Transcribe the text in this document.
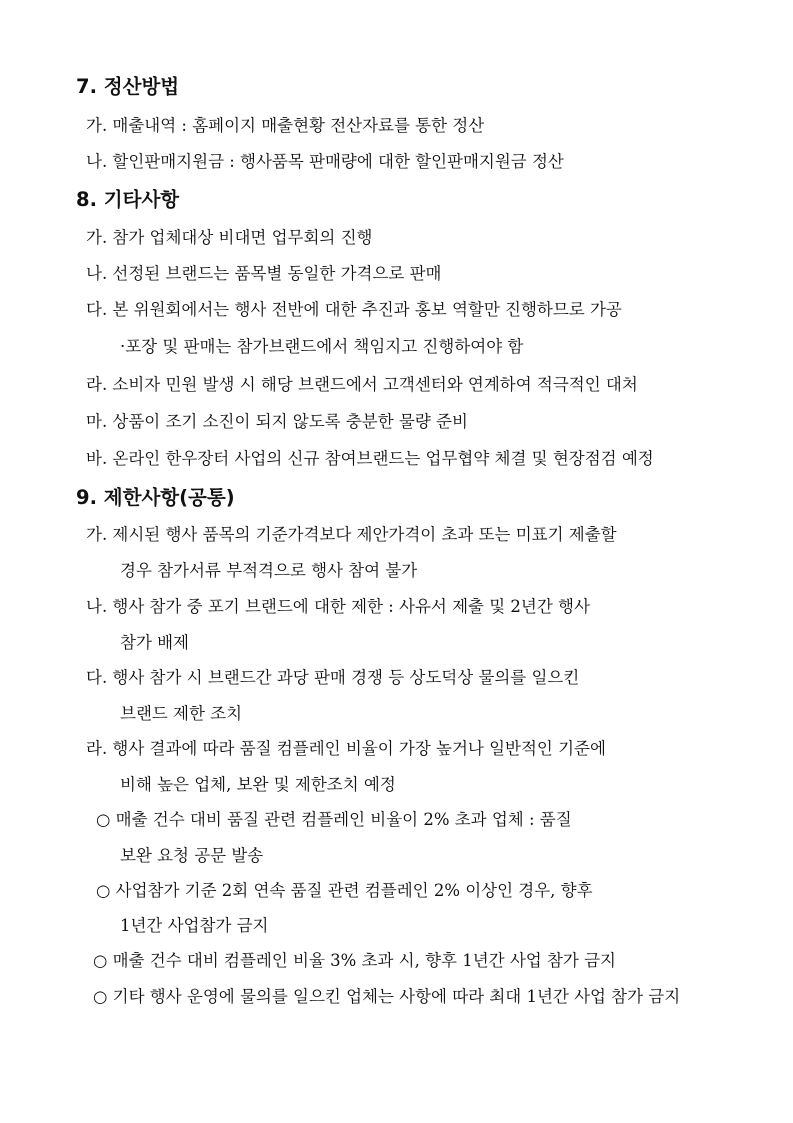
7. 정산방법
가. 매출내역 : 홈페이지 매출현황 전산자료를 통한 정산
나. 할인판매지원금 : 행사품목 판매량에 대한 할인판매지원금 정산
8. 기타사항
가. 참가 업체대상 비대면 업무회의 진행
나. 선정된 브랜드는 품목별 동일한 가격으로 판매
다. 본 위원회에서는 행사 전반에 대한 추진과 홍보 역할만 진행하므로 가공
·포장 및 판매는 참가브랜드에서 책임지고 진행하여야 함
라. 소비자 민원 발생 시 해당 브랜드에서 고객센터와 연계하여 적극적인 대처
마. 상품이 조기 소진이 되지 않도록 충분한 물량 준비
바. 온라인 한우장터 사업의 신규 참여브랜드는 업무협약 체결 및 현장점검 예정
9. 제한사항(공통)
가. 제시된 행사 품목의 기준가격보다 제안가격이 초과 또는 미표기 제출할
경우 참가서류 부적격으로 행사 참여 불가
나. 행사 참가 중 포기 브랜드에 대한 제한 : 사유서 제출 및 2년간 행사
참가 배제
다. 행사 참가 시 브랜드간 과당 판매 경쟁 등 상도덕상 물의를 일으킨
브랜드 제한 조치
라. 행사 결과에 따라 품질 컴플레인 비율이 가장 높거나 일반적인 기준에
비해 높은 업체, 보완 및 제한조치 예정
○ 매출 건수 대비 품질 관련 컴플레인 비율이 2% 초과 업체 : 품질
보완 요청 공문 발송
○ 사업참가 기준 2회 연속 품질 관련 컴플레인 2% 이상인 경우, 향후
1년간 사업참가 금지
○ 매출 건수 대비 컴플레인 비율 3% 초과 시, 향후 1년간 사업 참가 금지
○ 기타 행사 운영에 물의를 일으킨 업체는 사항에 따라 최대 1년간 사업 참가 금지
